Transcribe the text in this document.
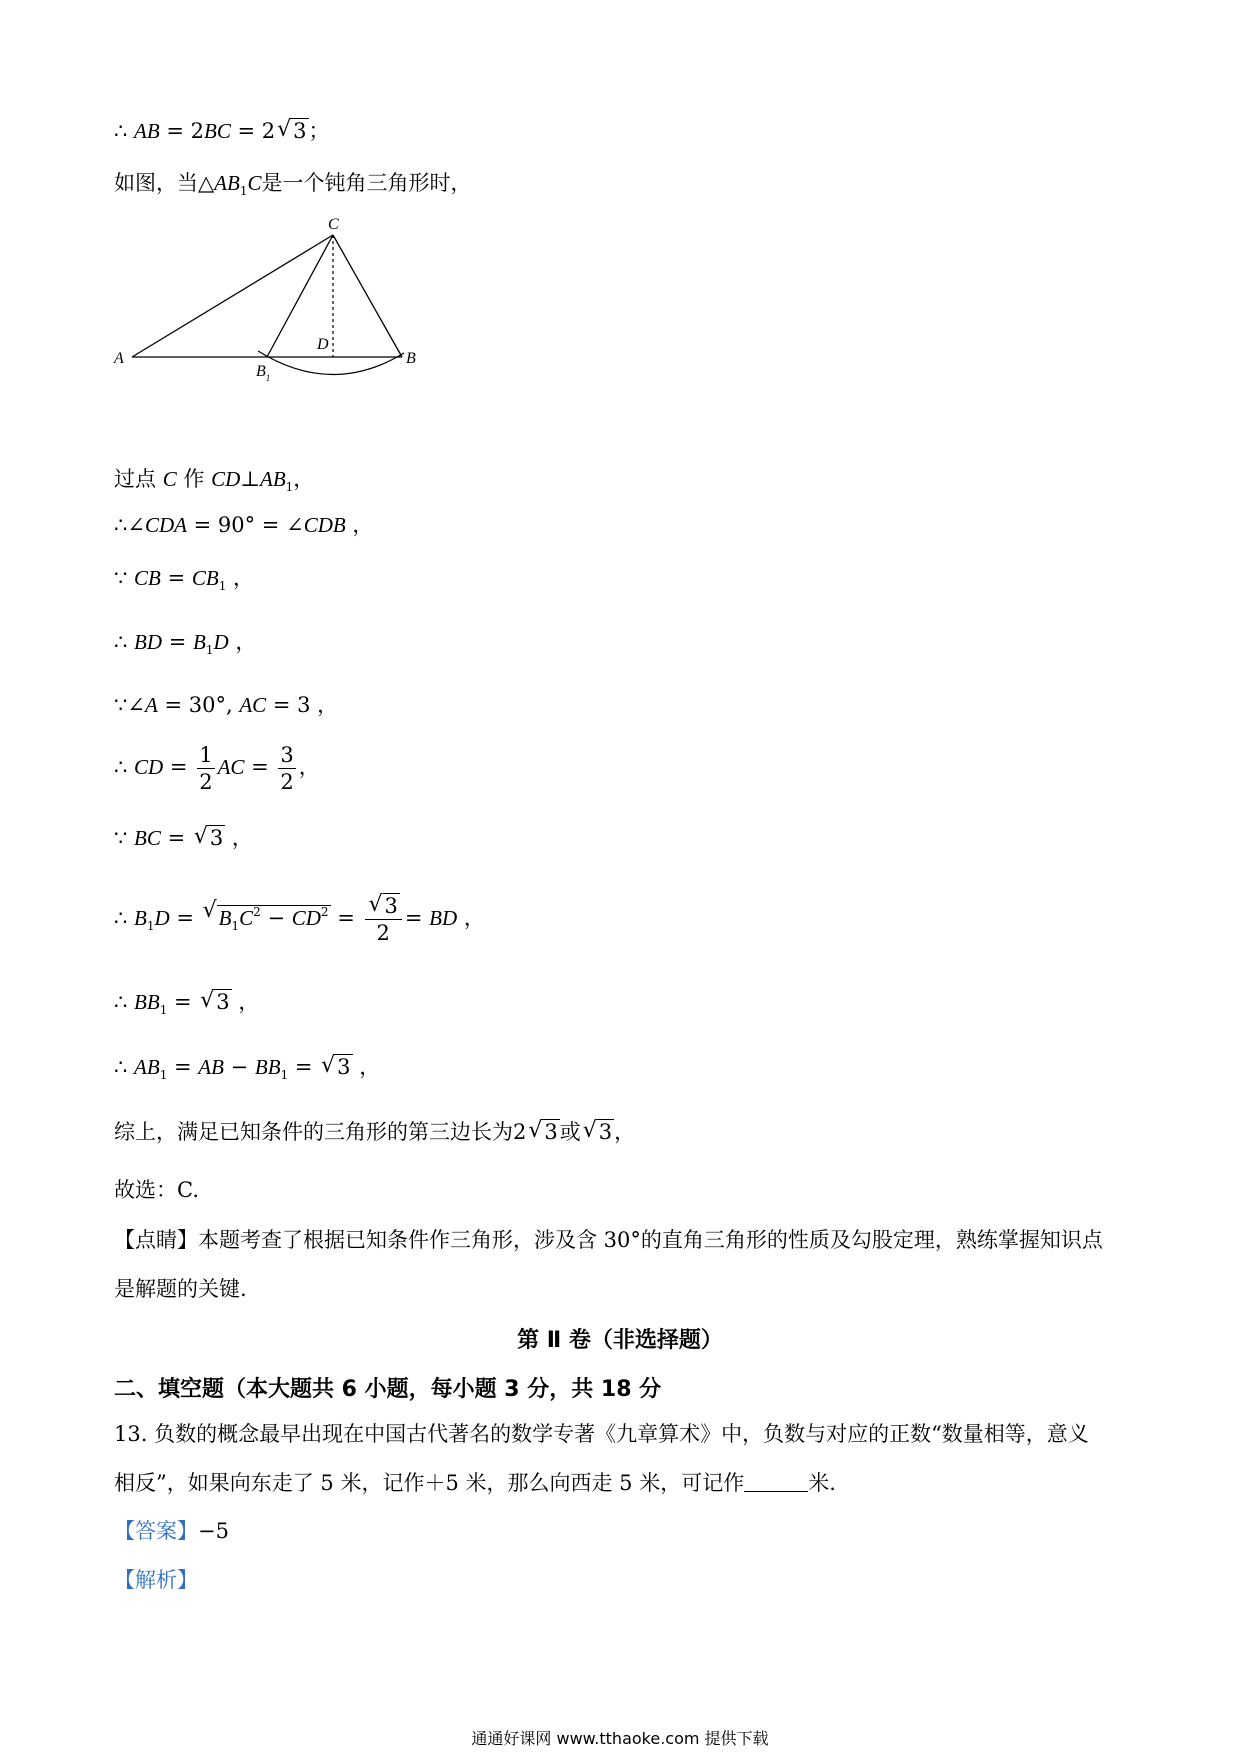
∴ AB = 2BC = 2 √ 3；
如图，当$\triangle AB_1C$是一个钝角三角形时，
C
A	B
D
$B_1$
过点 C 作 $CD\perp AB_1$，
∴∠CDA = 90° = ∠CDB ，
∵ CB = $CB_1$ ，
∴ BD = $B_1D$ ，
∵∠A = 30°, AC = 3 ，
∴ CD = $\frac{1}{2}$ AC = $\frac{3}{2}$ ，
∵ BC = √ 3 ，
∴ $B_1D$ = √ $B_1C^2 - CD^2$ = √ $\frac{3}{2}$ = BD ，
∴ $BB_1$ = √ 3 ，
∴ $AB_1$ = AB − $BB_1$ = √ 3 ，
综上，满足已知条件的三角形的第三边长为2 √ 3或 √ 3，
故选：C.
【点睛】本题考查了根据已知条件作三角形，涉及含 30°的直角三角形的性质及勾股定理，熟练掌握知识点
是解题的关键.
第 Ⅱ 卷（非选择题）
二、填空题（本大题共 6 小题，每小题 3 分，共 18 分
13. 负数的概念最早出现在中国古代著名的数学专著《九章算术》中，负数与对应的正数“数量相等，意义
相反”，如果向东走了 5 米，记作＋5 米，那么向西走 5 米，可记作	米.
【答案】−5
【解析】
通通好课网 www.tthaoke.com 提供下载
